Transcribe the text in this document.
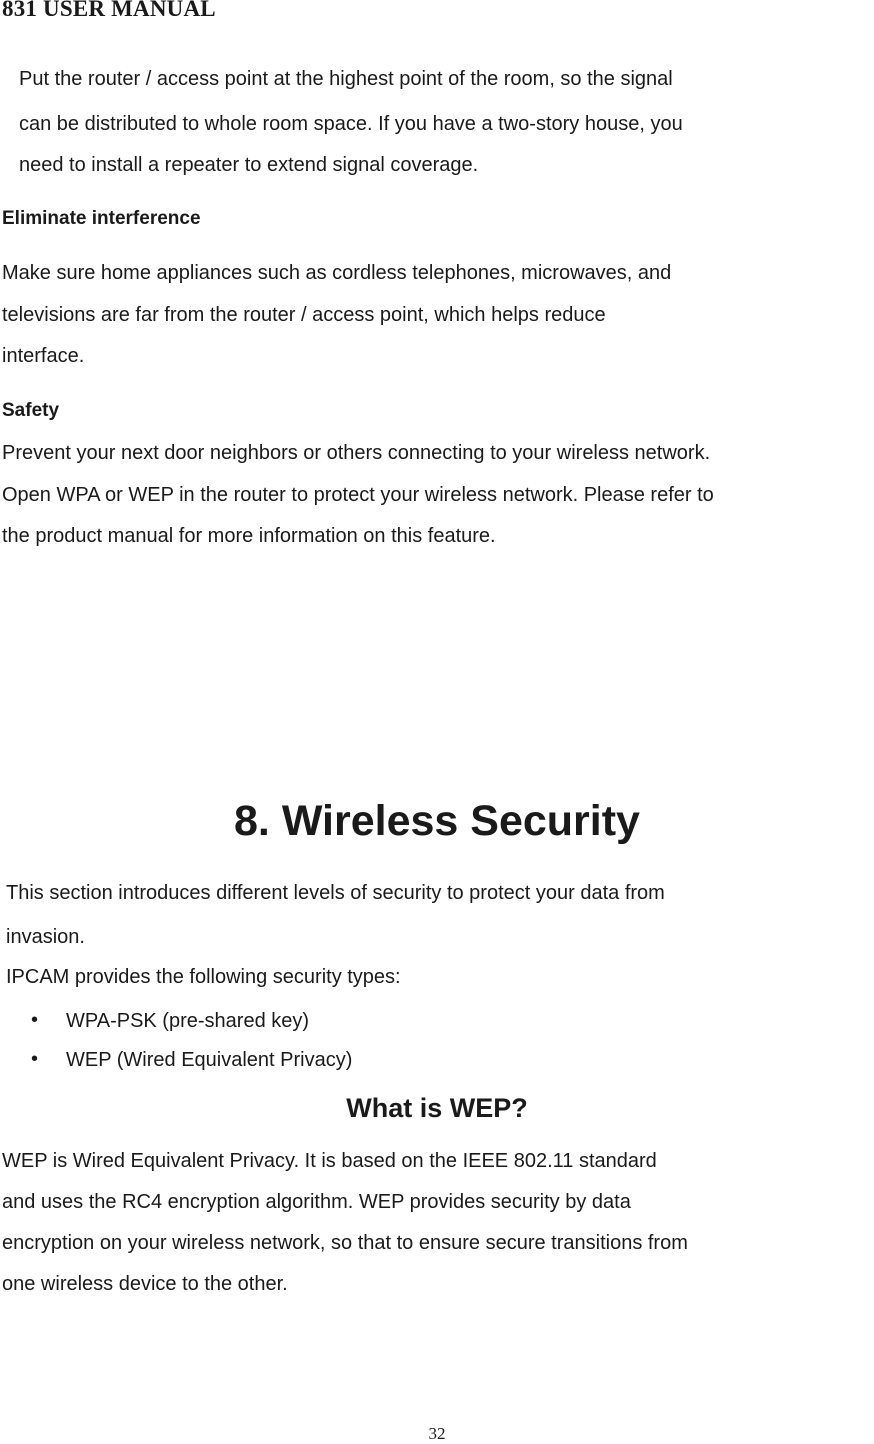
831 USER MANUAL

Put the router / access point at the highest point of the room, so the signal

can be distributed to whole room space. If you have a two-story house, you

need to install a repeater to extend signal coverage.

Eliminate interference

Make sure home appliances such as cordless telephones, microwaves, and

televisions are far from the router / access point, which helps reduce

interface.

Safety

Prevent your next door neighbors or others connecting to your wireless network.

Open WPA or WEP in the router to protect your wireless network. Please refer to

the product manual for more information on this feature.

8. Wireless Security

This section introduces different levels of security to protect your data from

invasion.

IPCAM provides the following security types:

• WPA-PSK (pre-shared key)

• WEP (Wired Equivalent Privacy)

What is WEP?

WEP is Wired Equivalent Privacy. It is based on the IEEE 802.11 standard

and uses the RC4 encryption algorithm. WEP provides security by data

encryption on your wireless network, so that to ensure secure transitions from

one wireless device to the other.

32
